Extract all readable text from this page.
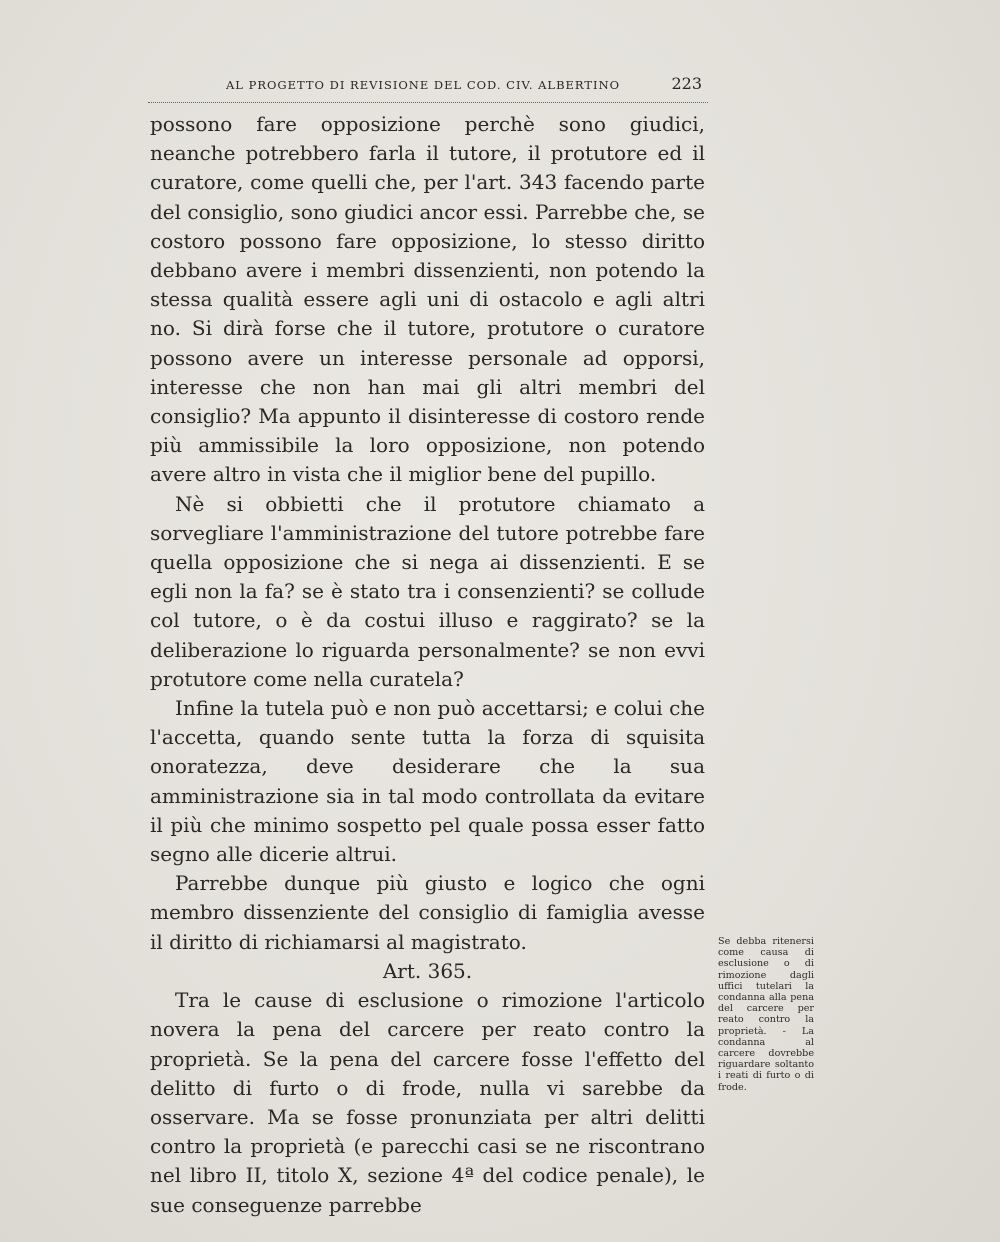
AL PROGETTO DI REVISIONE DEL COD. CIV. ALBERTINO	223

possono fare opposizione perchè sono giudici, neanche potrebbero farla il tutore, il protutore ed il curatore, come quelli che, per l'art. 343 facendo parte del consiglio, sono giudici ancor essi. Parrebbe che, se costoro possono fare opposizione, lo stesso diritto debbano avere i membri dissenzienti, non potendo la stessa qualità essere agli uni di ostacolo e agli altri no. Si dirà forse che il tutore, protutore o curatore possono avere un interesse personale ad opporsi, interesse che non han mai gli altri membri del consiglio? Ma appunto il disinteresse di costoro rende più ammissibile la loro opposizione, non potendo avere altro in vista che il miglior bene del pupillo.

Nè si obbietti che il protutore chiamato a sorvegliare l'amministrazione del tutore potrebbe fare quella opposizione che si nega ai dissenzienti. E se egli non la fa? se è stato tra i consenzienti? se collude col tutore, o è da costui illuso e raggirato? se la deliberazione lo riguarda personalmente? se non evvi protutore come nella curatela?

Infine la tutela può e non può accettarsi; e colui che l'accetta, quando sente tutta la forza di squisita onoratezza, deve desiderare che la sua amministrazione sia in tal modo controllata da evitare il più che minimo sospetto pel quale possa esser fatto segno alle dicerie altrui.

Parrebbe dunque più giusto e logico che ogni membro dissenziente del consiglio di famiglia avesse il diritto di richiamarsi al magistrato.

Art. 365.

Tra le cause di esclusione o rimozione l'articolo novera la pena del carcere per reato contro la proprietà. Se la pena del carcere fosse l'effetto del delitto di furto o di frode, nulla vi sarebbe da osservare. Ma se fosse pronunziata per altri delitti contro la proprietà (e parecchi casi se ne riscontrano nel libro II, titolo X, sezione 4ª del codice penale), le sue conseguenze parrebbe

Se debba ritenersi come causa di esclusione o di rimozione dagli uffici tutelari la condanna alla pena del carcere per reato contro la proprietà. - La condanna al carcere dovrebbe riguardare soltanto i reati di furto o di frode.
